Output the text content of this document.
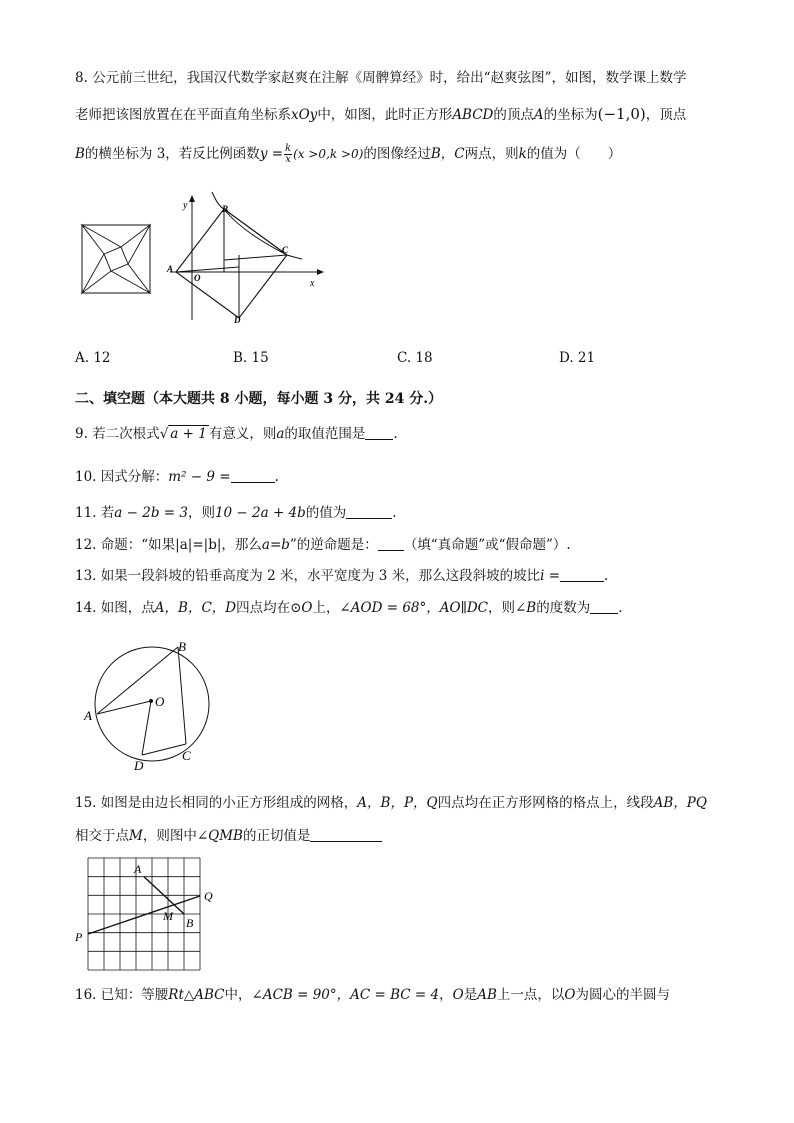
8. 公元前三世纪，我国汉代数学家赵爽在注解《周髀算经》时，给出“赵爽弦图”，如图，数学课上数学
老师把该图放置在在平面直角坐标系xOy中，如图，此时正方形ABCD的顶点A的坐标为(−1,0)，顶点
B的横坐标为 3，若反比例函数$y = \frac{k}{x} (x >0,k >0)$的图像经过B，C两点，则k的值为（　　）
y
x
A
O
B
C
D
A. 12	B. 15	C. 18	D. 21
二、填空题（本大题共 8 小题，每小题 3 分，共 24 分.）
9. 若二次根式√ a + 1 有意义，则a的取值范围是 .
10. 因式分解：m² − 9 =	.
11. 若a − 2b = 3，则10 − 2a + 4b的值为	.
12. 命题：“如果|a|=|b|，那么a=b”的逆命题是： （填“真命题”或“假命题”）.
13. 如果一段斜坡的铅垂高度为 2 米，水平宽度为 3 米，那么这段斜坡的坡比i =	.
14. 如图，点A，B，C，D四点均在⊙O上，∠AOD = 68°，AO∥DC，则∠B的度数为 .
A
B
C
D
O
15. 如图是由边长相同的小正方形组成的网格，A，B，P，Q四点均在正方形网格的格点上，线段AB，PQ
相交于点M，则图中∠QMB的正切值是
A
B
P
Q
M
16. 已知：等腰Rt△ABC中，∠ACB = 90°，AC = BC = 4，O是AB上一点，以O为圆心的半圆与
